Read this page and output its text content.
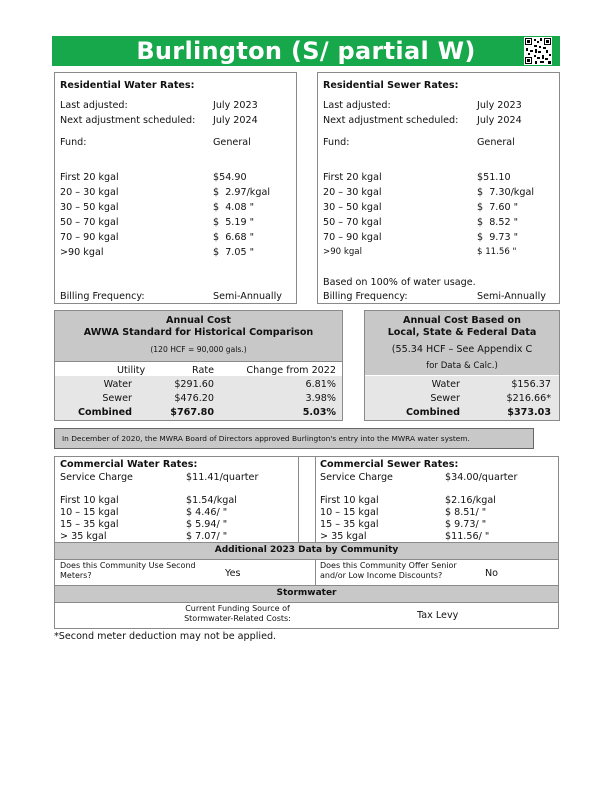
Burlington (S/ partial W)
Residential Water Rates:
Last adjusted:	July 2023
Next adjustment scheduled: July 2024
Fund:	General
First 20 kgal	$54.90
20 – 30 kgal	$  2.97/kgal
30 – 50 kgal	$  4.08 "
50 – 70 kgal	$  5.19 "
70 – 90 kgal	$  6.68 "
>90 kgal	$  7.05 "
Billing Frequency:	Semi-Annually
Residential Sewer Rates:
Last adjusted:	July 2023
Next adjustment scheduled: July 2024
Fund:	General
First 20 kgal	$51.10
20 – 30 kgal	$  7.30/kgal
30 – 50 kgal	$  7.60 "
50 – 70 kgal	$  8.52 "
70 – 90 kgal	$  9.73 "
>90 kgal	$ 11.56 "
Based on 100% of water usage.
Billing Frequency:	Semi-Annually
Annual Cost
AWWA Standard for Historical Comparison
(120 HCF = 90,000 gals.)
Utility	Rate	Change from 2022
Water	$291.60	6.81%
Sewer	$476.20	3.98%
Combined	$767.80	5.03%
Annual Cost Based on
Local, State & Federal Data
(55.34 HCF – See Appendix C
for Data & Calc.)
Water	$156.37
Sewer	$216.66*
Combined	$373.03
In December of 2020, the MWRA Board of Directors approved Burlington's entry into the MWRA water system.
Commercial Water Rates:
Service Charge	$11.41/quarter
First 10 kgal	$1.54/kgal
10 – 15 kgal	$ 4.46/ "
15 – 35 kgal	$ 5.94/ "
> 35 kgal	$ 7.07/ "
Commercial Sewer Rates:
Service Charge	$34.00/quarter
First 10 kgal	$2.16/kgal
10 – 15 kgal	$ 8.51/ "
15 – 35 kgal	$ 9.73/ "
> 35 kgal	$11.56/ "
Additional 2023 Data by Community
Does this Community Use Second Meters?	Yes
Does this Community Offer Senior and/or Low Income Discounts?	No
Stormwater
Current Funding Source of Stormwater-Related Costs:	Tax Levy
*Second meter deduction may not be applied.
